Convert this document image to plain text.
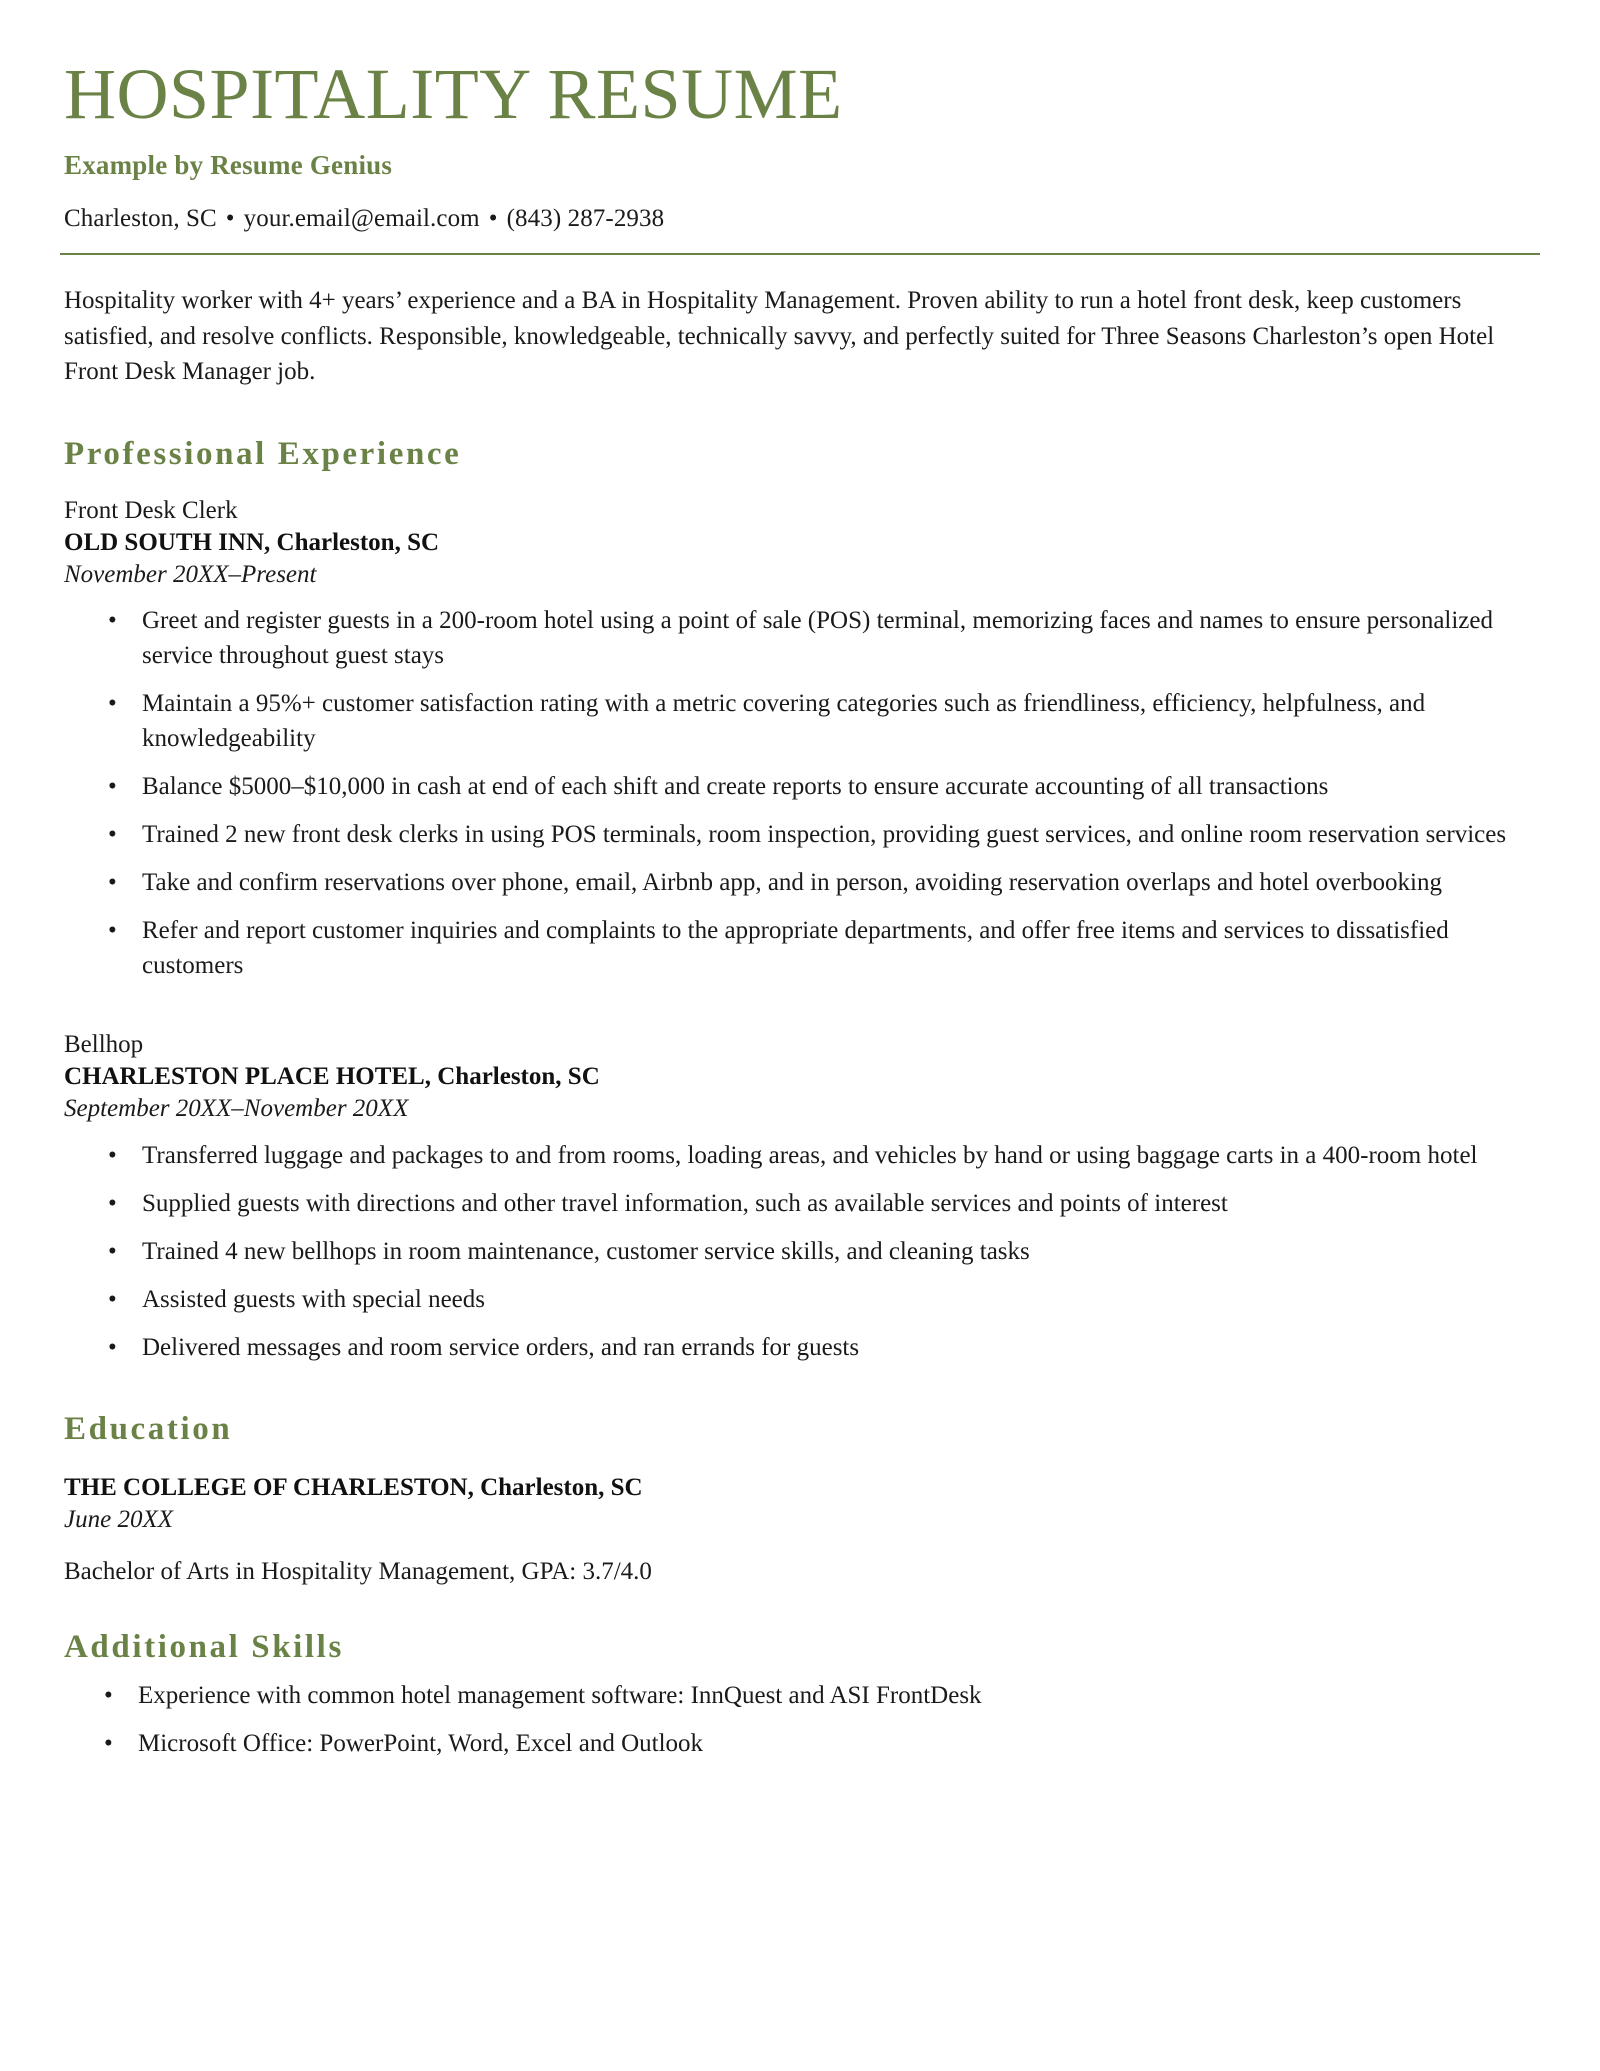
HOSPITALITY RESUME
Example by Resume Genius
Charleston, SC • your.email@email.com • (843) 287-2938

Hospitality worker with 4+ years’ experience and a BA in Hospitality Management. Proven ability to run a hotel front desk, keep customers satisfied, and resolve conflicts. Responsible, knowledgeable, technically savvy, and perfectly suited for Three Seasons Charleston’s open Hotel Front Desk Manager job.

Professional Experience
Front Desk Clerk
OLD SOUTH INN, Charleston, SC
November 20XX–Present
• Greet and register guests in a 200-room hotel using a point of sale (POS) terminal, memorizing faces and names to ensure personalized service throughout guest stays
• Maintain a 95%+ customer satisfaction rating with a metric covering categories such as friendliness, efficiency, helpfulness, and knowledgeability
• Balance $5000–$10,000 in cash at end of each shift and create reports to ensure accurate accounting of all transactions
• Trained 2 new front desk clerks in using POS terminals, room inspection, providing guest services, and online room reservation services
• Take and confirm reservations over phone, email, Airbnb app, and in person, avoiding reservation overlaps and hotel overbooking
• Refer and report customer inquiries and complaints to the appropriate departments, and offer free items and services to dissatisfied customers
Bellhop
CHARLESTON PLACE HOTEL, Charleston, SC
September 20XX–November 20XX
• Transferred luggage and packages to and from rooms, loading areas, and vehicles by hand or using baggage carts in a 400-room hotel
• Supplied guests with directions and other travel information, such as available services and points of interest
• Trained 4 new bellhops in room maintenance, customer service skills, and cleaning tasks
• Assisted guests with special needs
• Delivered messages and room service orders, and ran errands for guests
Education
THE COLLEGE OF CHARLESTON, Charleston, SC
June 20XX
Bachelor of Arts in Hospitality Management, GPA: 3.7/4.0
Additional Skills
• Experience with common hotel management software: InnQuest and ASI FrontDesk
• Microsoft Office: PowerPoint, Word, Excel and Outlook
